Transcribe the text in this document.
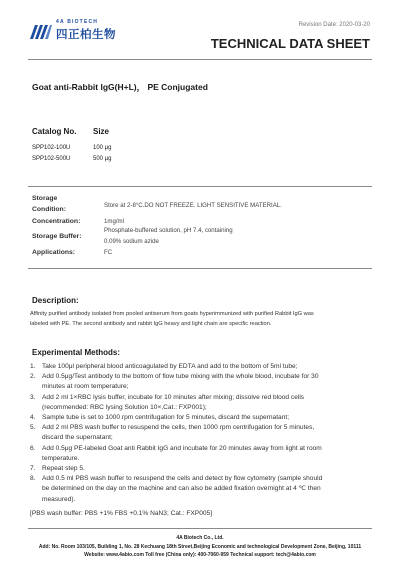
4A BIOTECH
四正柏生物
Revision Date: 2020-03-20
TECHNICAL DATA SHEET
Goat anti-Rabbit IgG(H+L)， PE Conjugated
Catalog No. Size
SPP102-100U	100 μg
SPP102-500U	500 μg
Storage
Condition:
Store at 2-8°C.DO NOT FREEZE. LIGHT SENSITIVE MATERIAL.
Concentration:	1mg/ml
Storage Buffer:
Phosphate-buffered solution, pH 7.4, containing
0.09% sodium azide
Applications:	FC
Description:
Affinity purified antibody isolated from pooled antiserum from goats hyperimmunized with purified Rabbit IgG was
labeled with PE. The second antibody and rabbit IgG heavy and light chain are specific reaction.
Experimental Methods:
1. Take 100μl peripheral blood anticoagulated by EDTA and add to the bottom of 5ml tube;
2. Add 0.5μg/Test antibody to the bottom of flow tube mixing with the whole blood, incubate for 30
minutes at room temperature;
3. Add 2 ml 1×RBC lysis buffer, incubate for 10 minutes after mixing; dissolve red blood cells
(recommended: RBC lysing Solution 10×,Cat.: FXP001);
4. Sample tube is set to 1000 rpm centrifugation for 5 minutes, discard the supernatant;
5. Add 2 ml PBS wash buffer to resuspend the cells, then 1000 rpm centrifugation for 5 minutes,
discard the supernatant;
6. Add 0.5μg PE-labeled Goat anti Rabbit IgG and incubate for 20 minutes away from light at room
temperature.
7. Repeat step 5.
8. Add 0.5 ml PBS wash buffer to resuspend the cells and detect by flow cytometry (sample should
be determined on the day on the machine and can also be added fixation overnight at 4 ℃ then
measured).
[PBS wash buffer: PBS +1% FBS +0.1% NaN3; Cat.: FXP005]
4A Biotech Co., Ltd.
Add: No. Room 103/105, Building 1, No. 28 Kechuang 18th Street,Beijing Economic and technological Development Zone, Beijing, 10111
Website: www.4abio.com Toll free (China only): 400-7060-959 Technical support: tech@4abio.com
